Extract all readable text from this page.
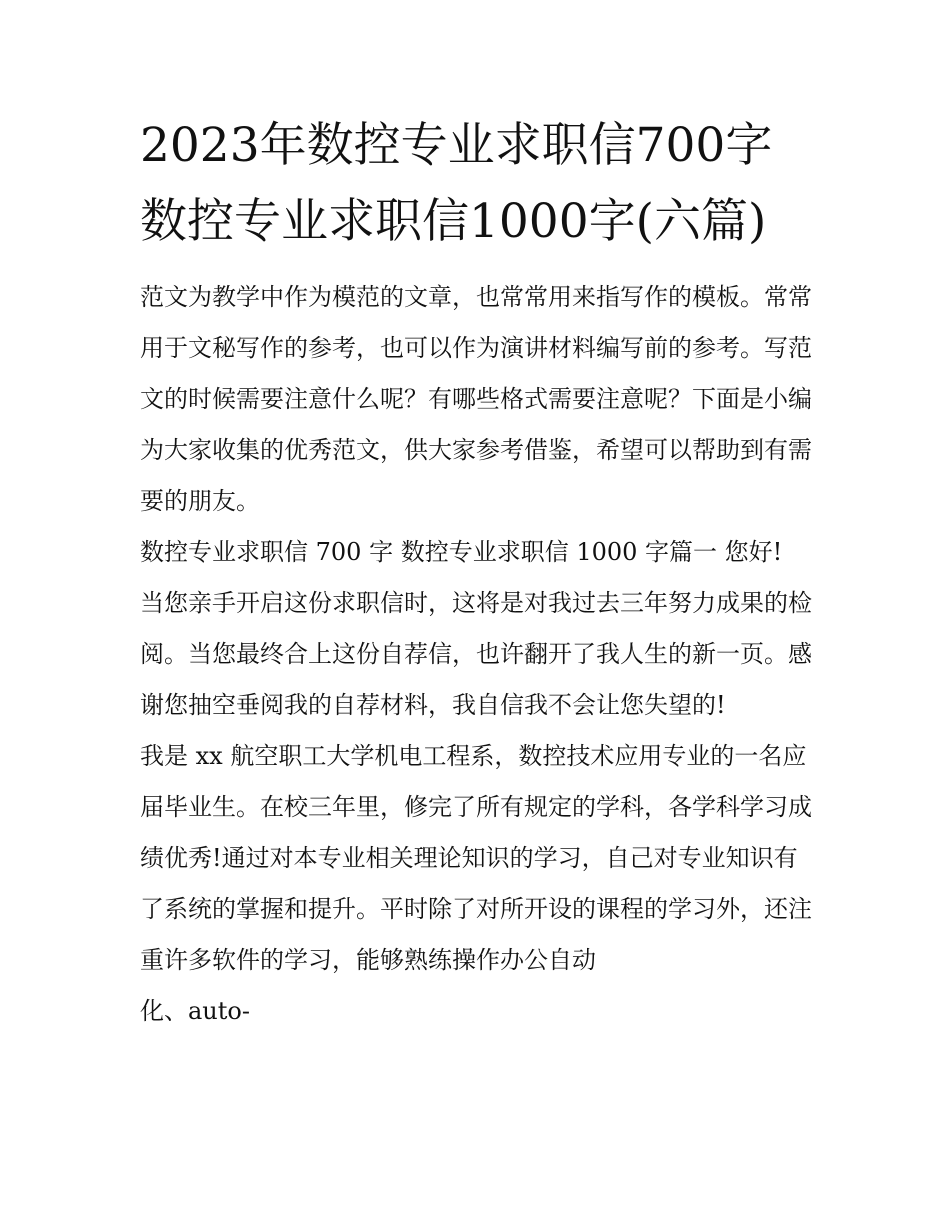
2023年数控专业求职信700字
数控专业求职信1000字(六篇)

范文为教学中作为模范的文章，也常常用来指写作的模板。常常用于文秘写作的参考，也可以作为演讲材料编写前的参考。写范文的时候需要注意什么呢？有哪些格式需要注意呢？下面是小编为大家收集的优秀范文，供大家参考借鉴，希望可以帮助到有需要的朋友。

数控专业求职信 700 字 数控专业求职信 1000 字篇一 您好!

当您亲手开启这份求职信时，这将是对我过去三年努力成果的检阅。当您最终合上这份自荐信，也许翻开了我人生的新一页。感谢您抽空垂阅我的自荐材料，我自信我不会让您失望的!

我是 xx 航空职工大学机电工程系，数控技术应用专业的一名应届毕业生。在校三年里，修完了所有规定的学科，各学科学习成绩优秀!通过对本专业相关理论知识的学习，自己对专业知识有了系统的掌握和提升。平时除了对所开设的课程的学习外，还注重许多软件的学习，能够熟练操作办公自动

化、auto-
